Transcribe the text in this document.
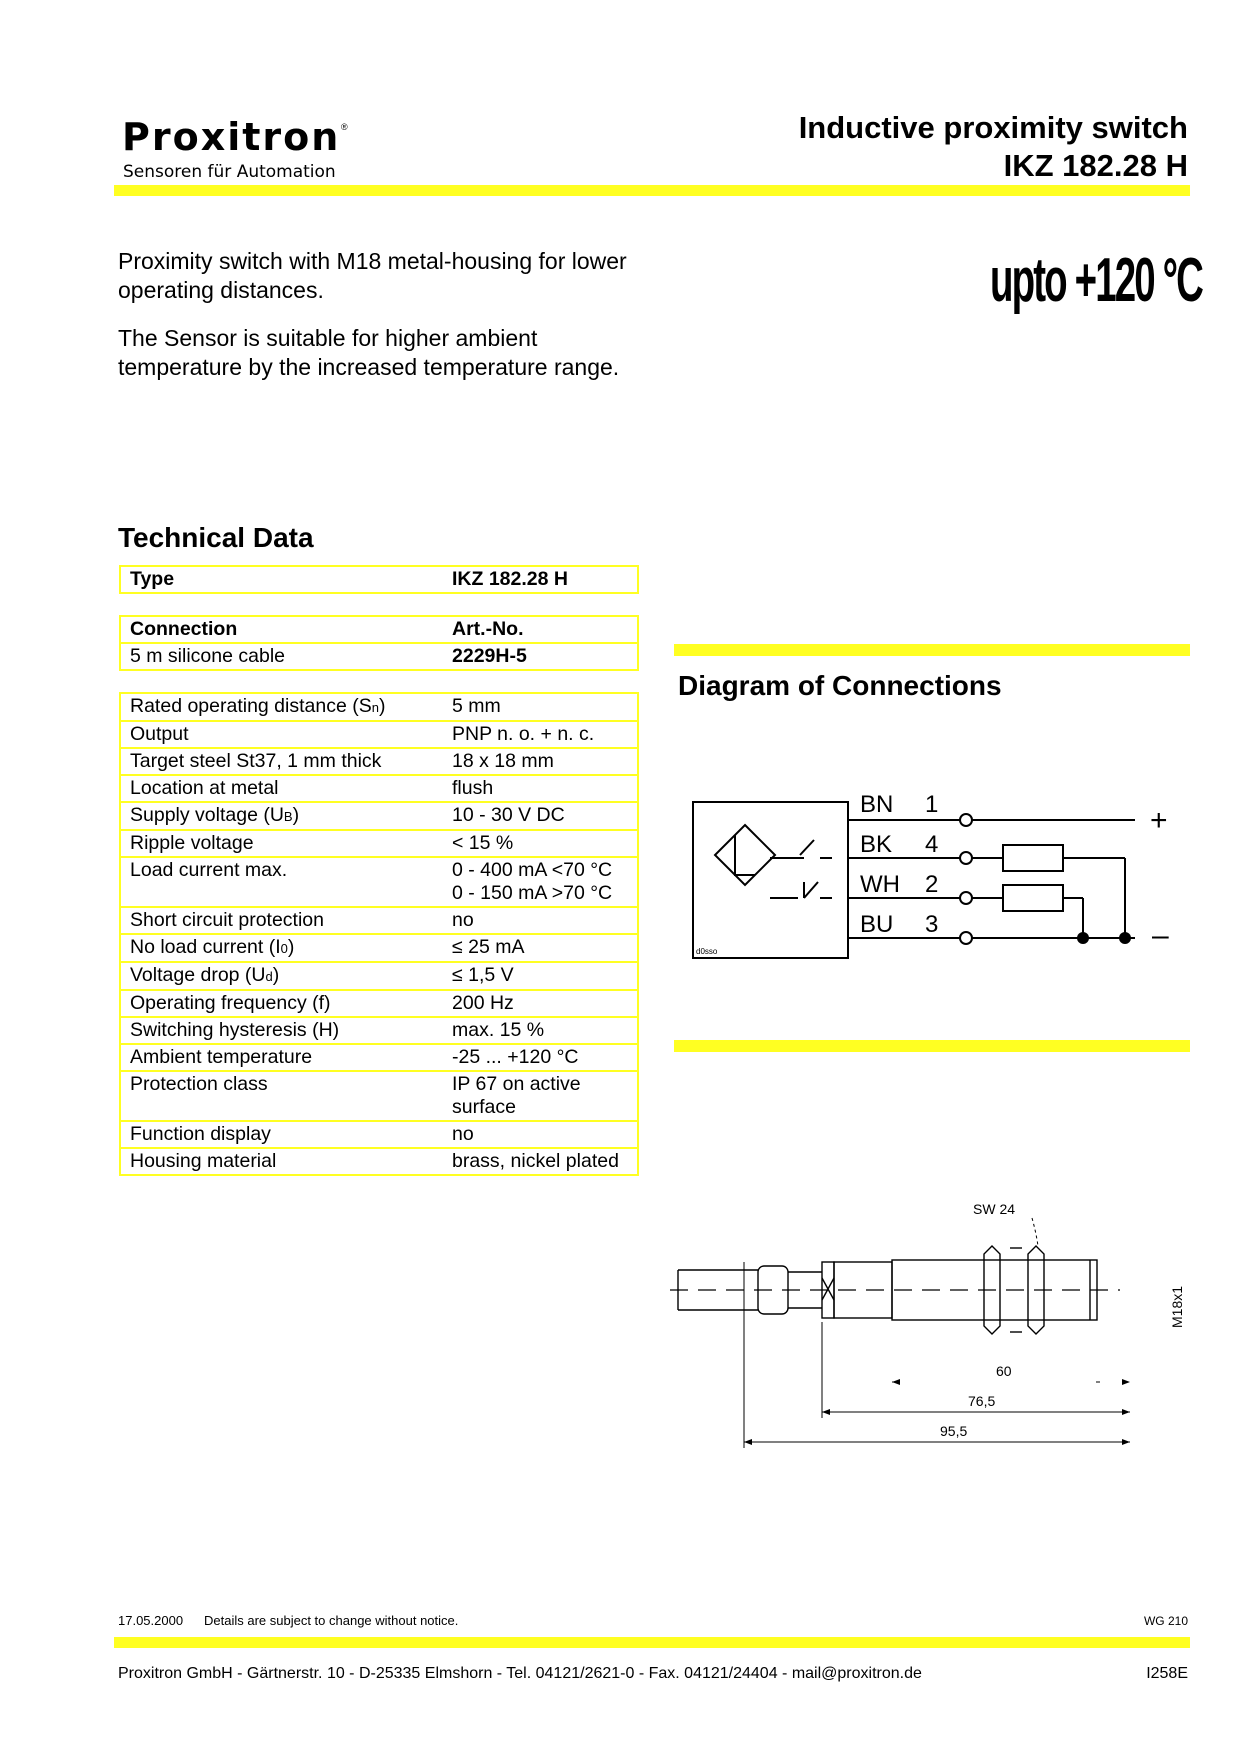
Proxitron ®
Sensoren für Automation
Inductive proximity switch
IKZ 182.28 H
Proximity switch with M18 metal-housing for lower operating distances.
The Sensor is suitable for higher ambient temperature by the increased temperature range.
upto +120 °C
Technical Data
Type	IKZ 182.28 H
Connection	Art.-No.
5 m silicone cable	2229H-5
Rated operating distance (Sn)	5 mm
Output	PNP n. o. + n. c.
Target steel St37, 1 mm thick	18 x 18 mm
Location at metal	flush
Supply voltage (UB)	10 - 30 V DC
Ripple voltage	< 15 %
Load current max.	0 - 400 mA <70 °C
0 - 150 mA >70 °C

Short circuit protection	no
No load current (I0)	≤ 25 mA
Voltage drop (Ud)	≤ 1,5 V
Operating frequency (f)	200 Hz
Switching hysteresis (H)	max. 15 %
Ambient temperature	-25 ... +120 °C
Protection class	IP 67 on active surface
Function display	no
Housing material	brass, nickel plated
Diagram of Connections
BN 1
BK 4
WH 2
BU 3
+
–
d0sso
SW 24
60
76,5
95,5
M18x1
17.05.2000 Details are subject to change without notice.	WG 210
Proxitron GmbH - Gärtnerstr. 10 - D-25335 Elmshorn - Tel. 04121/2621-0 - Fax. 04121/24404 - mail@proxitron.de	I258E
